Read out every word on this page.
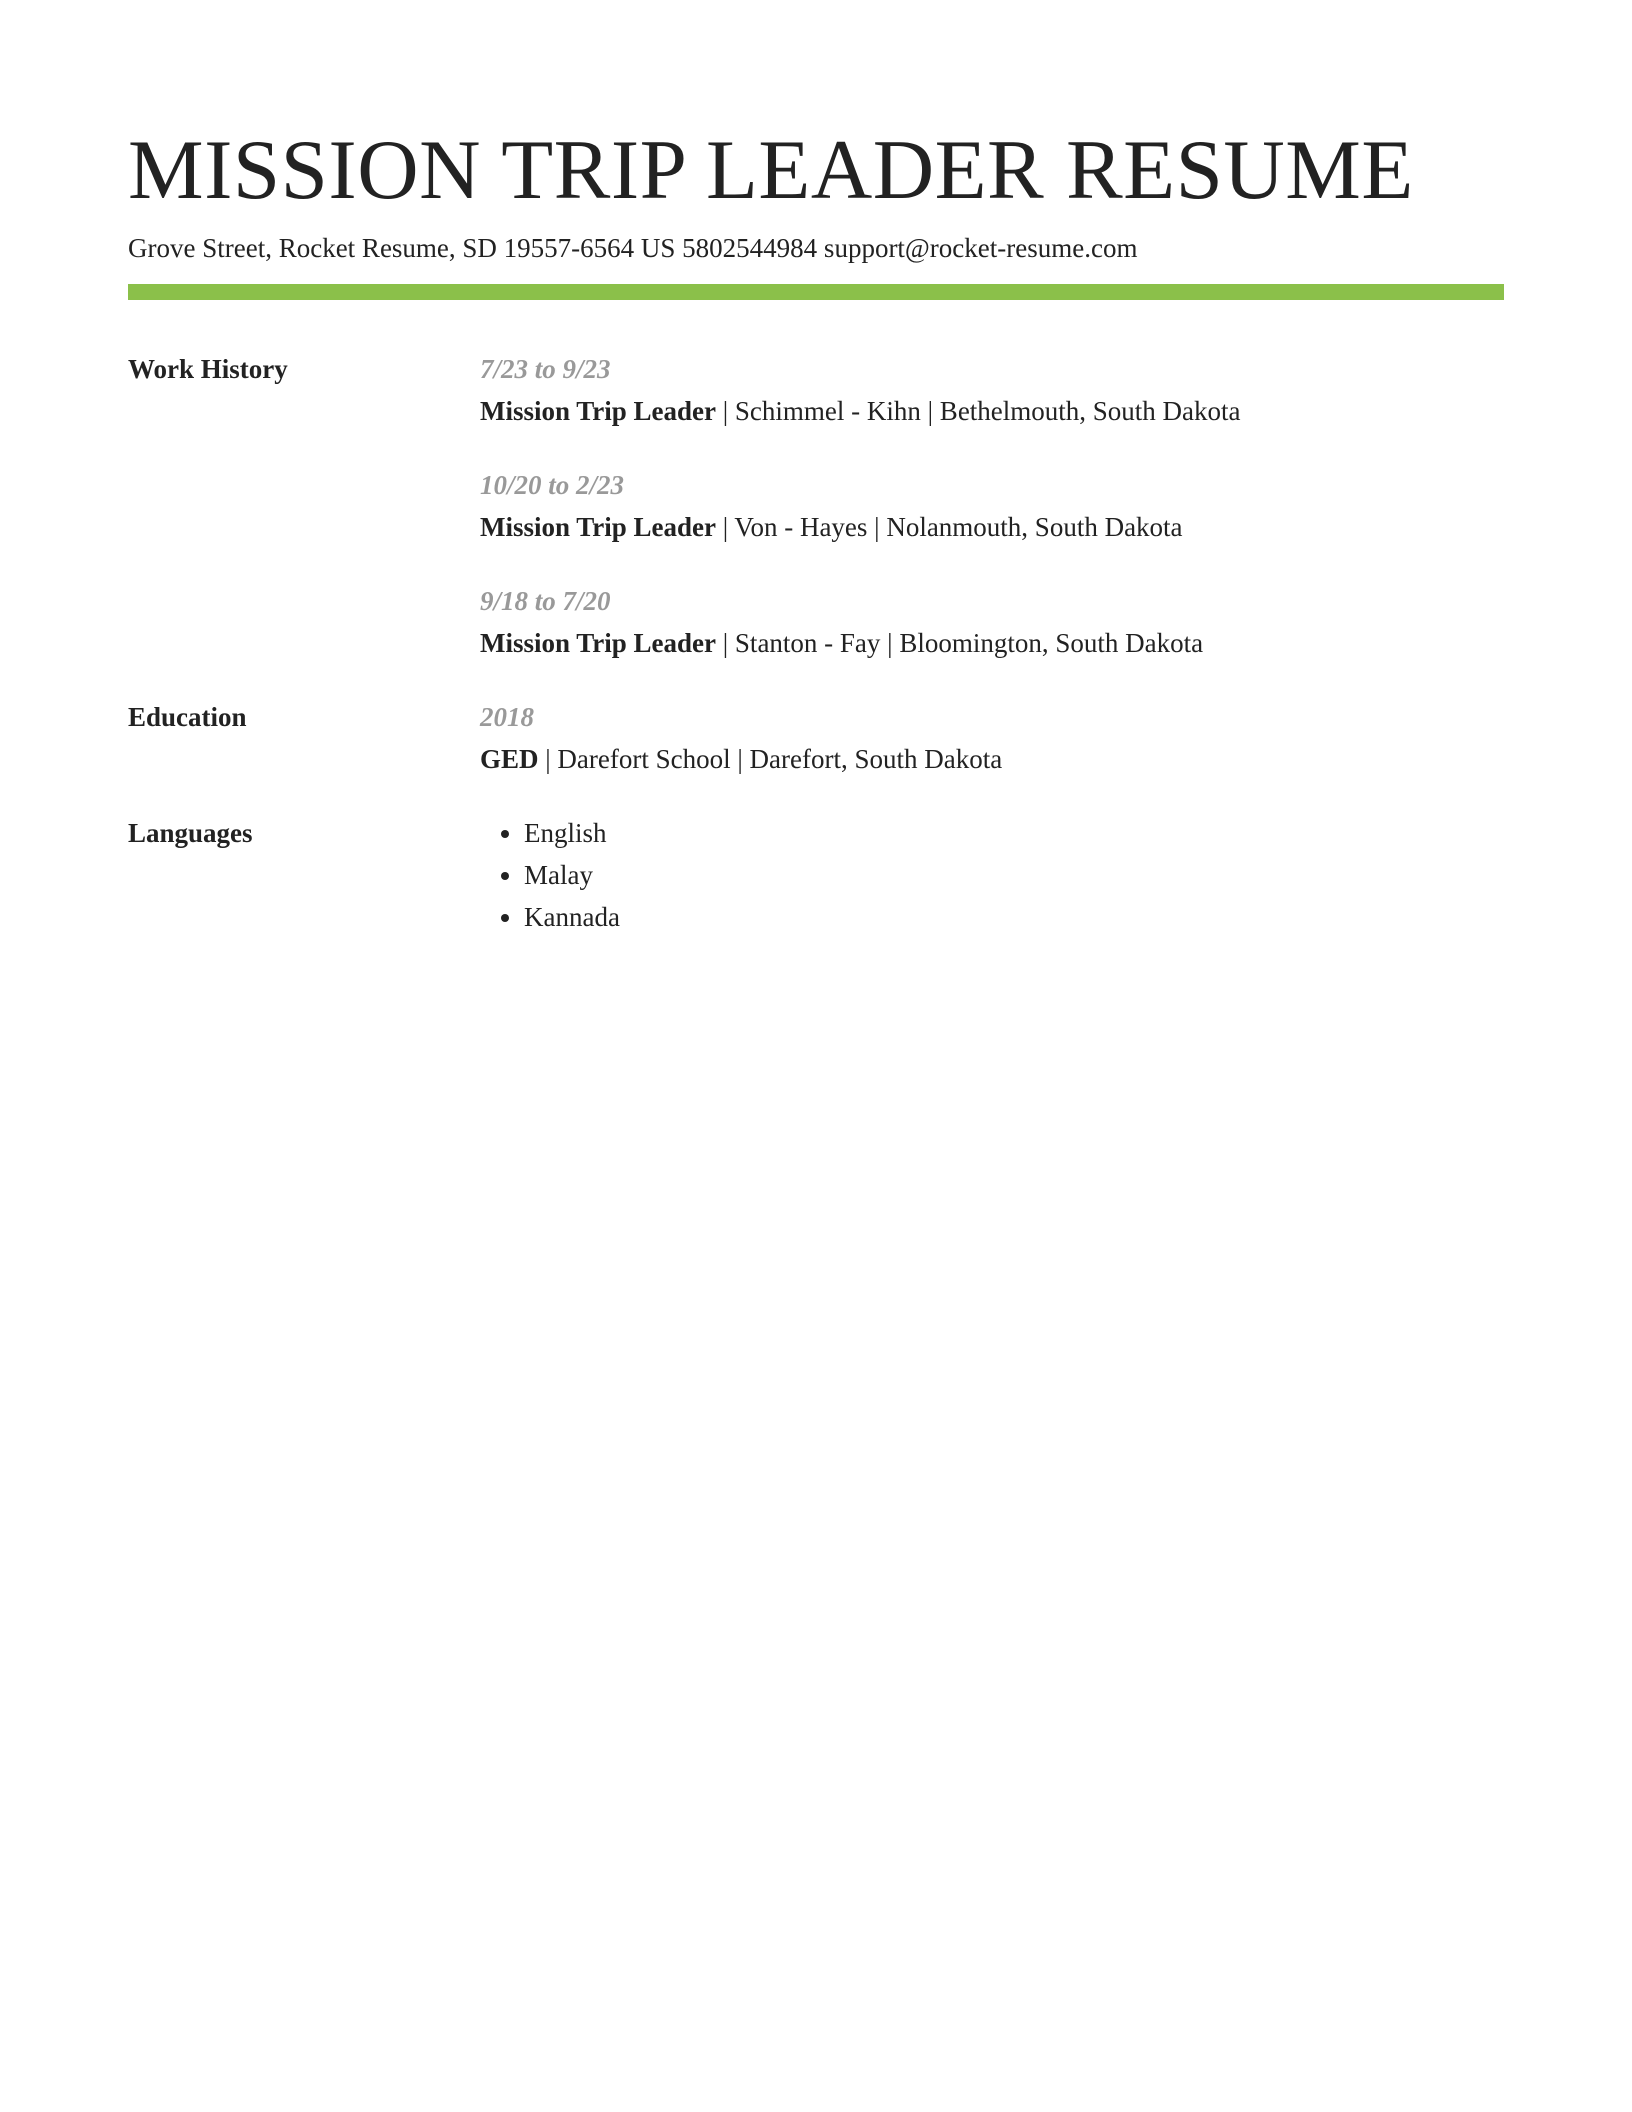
MISSION TRIP LEADER RESUME
Grove Street, Rocket Resume, SD 19557-6564 US 5802544984 support@rocket-resume.com
Work History	7/23 to 9/23
Mission Trip Leader | Schimmel - Kihn | Bethelmouth, South Dakota
10/20 to 2/23
Mission Trip Leader | Von - Hayes | Nolanmouth, South Dakota
9/18 to 7/20
Mission Trip Leader | Stanton - Fay | Bloomington, South Dakota
Education	2018
GED | Darefort School | Darefort, South Dakota
Languages
•	English
• Malay
• Kannada
